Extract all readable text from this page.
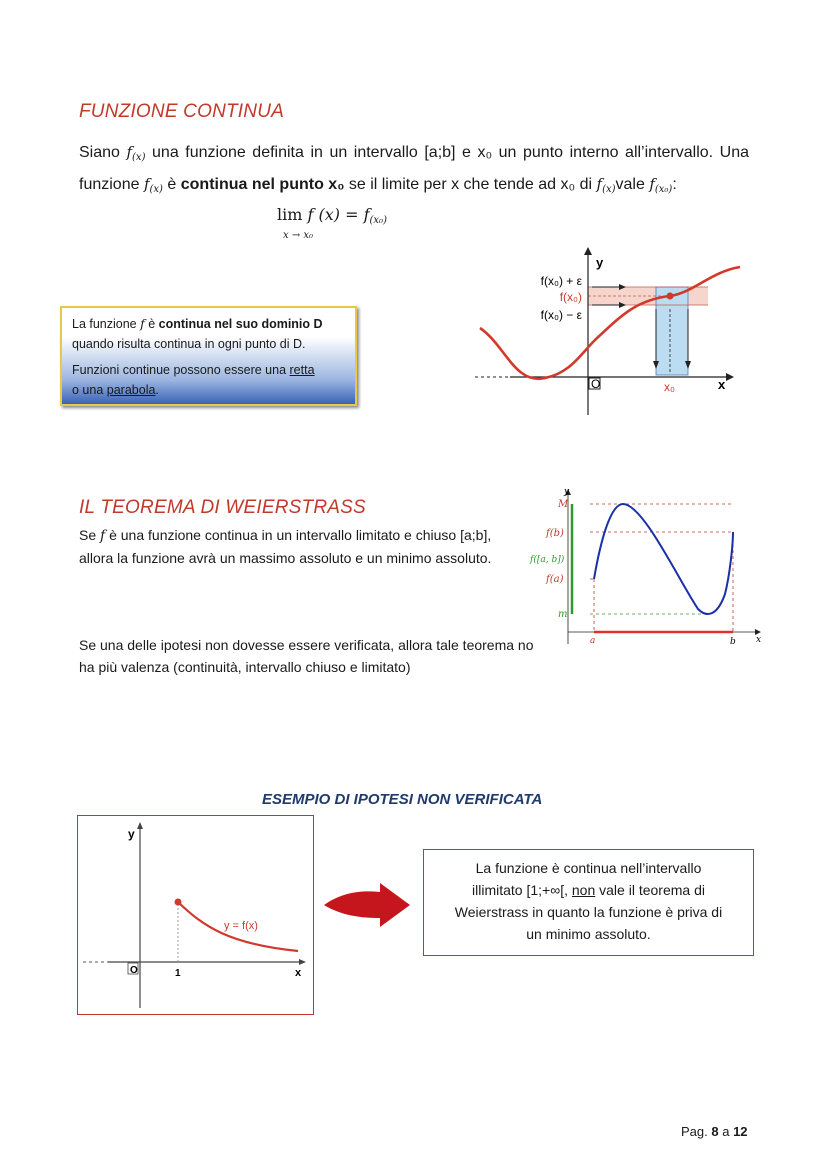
FUNZIONE CONTINUA
Siano $f_{(x)}$ una funzione definita in un intervallo [a;b] e x₀ un punto interno all’intervallo. Una funzione $f_{(x)}$ è continua nel punto x₀ se il limite per x che tende ad x₀ di $f_{(x)}vale$ $f_{(x_0)}$:
lim f $(x) = f_{(x_0)}$
x → x₀
La funzione f è continua nel suo dominio D
quando risulta continua in ogni punto di D.
Funzioni continue possono essere una retta
o una parabola.
y
f(x₀) + ε
f(x₀)
f(x₀) − ε
O	x₀	x
IL TEOREMA DI WEIERSTRASS
Se f è una funzione continua in un intervallo limitato e chiuso [a;b], allora la funzione avrà un massimo assoluto e un minimo assoluto.
Se una delle ipotesi non dovesse essere verificata, allora tale teorema no ha più valenza (continuità, intervallo chiuso e limitato)
y
M
f(b)
f([a, b])
f(a)
m
a	b x
ESEMPIO DI IPOTESI NON VERIFICATA
y
O	1	x
y = f(x)
La funzione è continua nell’intervallo
illimitato [1;+∞[, non vale il teorema di
Weierstrass in quanto la funzione è priva di
un minimo assoluto.
Pag. 8 a 12
